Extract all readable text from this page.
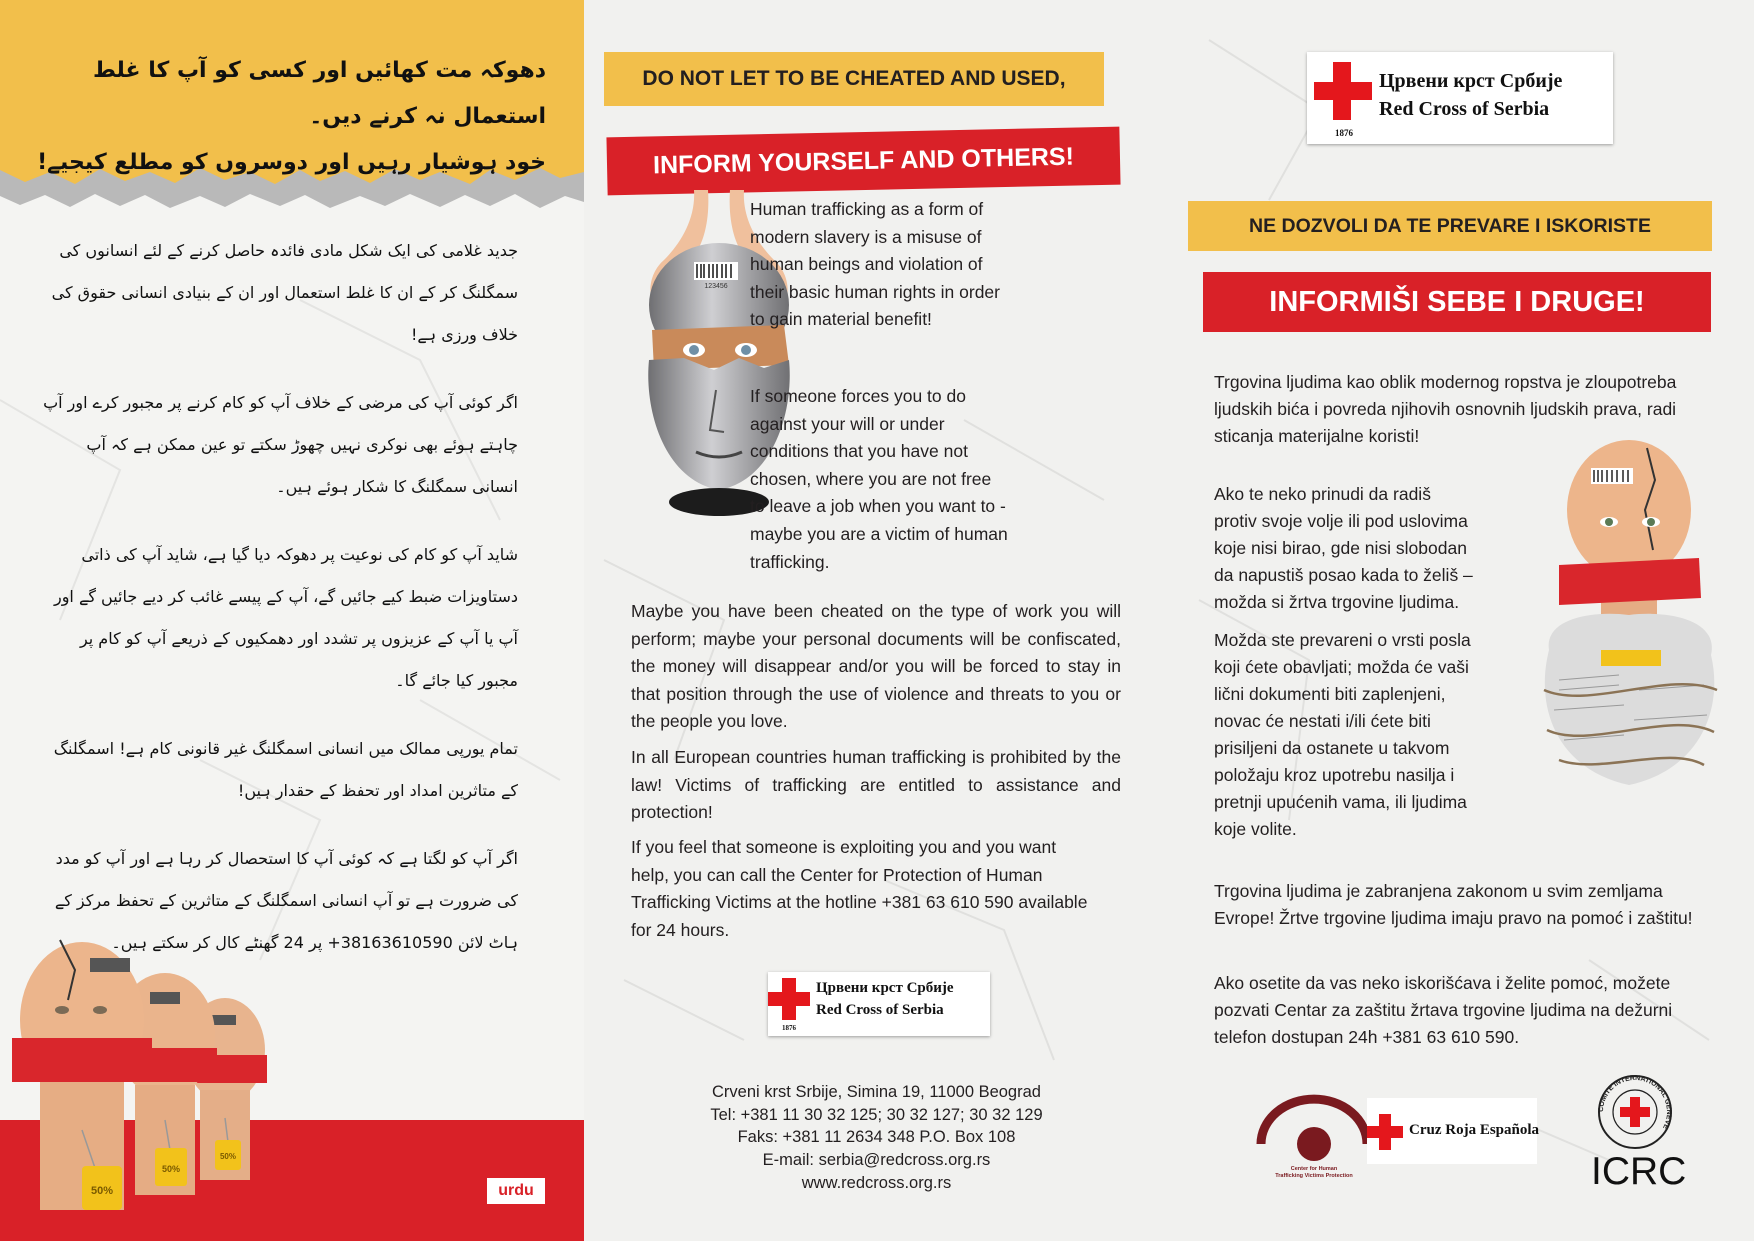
دھوکہ مت کھائیں اور کسی کو آپ کا غلط استعمال نہ کرنے دیں۔
خود ہوشیار رہیں اور دوسروں کو مطلع کیجیے!

جدید غلامی کی ایک شکل مادی فائدہ حاصل کرنے کے لئے انسانوں کی سمگلنگ کر کے ان کا غلط استعمال اور ان کے بنیادی انسانی حقوق کی خلاف ورزی ہے!

اگر کوئی آپ کی مرضی کے خلاف آپ کو کام کرنے پر مجبور کرے اور آپ چاہتے ہوئے بھی نوکری نہیں چھوڑ سکتے تو عین ممکن ہے کہ آپ انسانی سمگلنگ کا شکار ہوئے ہیں۔

شاید آپ کو کام کی نوعیت پر دھوکہ دیا گیا ہے، شاید آپ کی ذاتی دستاویزات ضبط کیے جائیں گے، آپ کے پیسے غائب کر دیے جائیں گے اور آپ یا آپ کے عزیزوں پر تشدد اور دھمکیوں کے ذریعے آپ کو کام پر مجبور کیا جائے گا۔

تمام یورپی ممالک میں انسانی اسمگلنگ غیر قانونی کام ہے! اسمگلنگ کے متاثرین امداد اور تحفظ کے حقدار ہیں!

اگر آپ کو لگتا ہے کہ کوئی آپ کا استحصال کر رہا ہے اور آپ کو مدد کی ضرورت ہے تو آپ انسانی اسمگلنگ کے متاثرین کے تحفظ مرکز کے ہاٹ لائن 38163610590+ پر 24 گھنٹے کال کر سکتے ہیں۔

50%
50%
50%
urdu
DO NOT LET TO BE CHEATED AND USED,
INFORM YOURSELF AND OTHERS!
123456

Human trafficking as a form of modern slavery is a misuse of human beings and violation of their basic human rights in order to gain material benefit!

If someone forces you to do against your will or under conditions that you have not chosen, where you are not free to leave a job when you want to - maybe you are a victim of human trafficking.

Maybe you have been cheated on the type of work you will perform; maybe your personal documents will be confiscated, the money will disappear and/or you will be forced to stay in that position through the use of violence and threats to you or the people you love.

In all European countries human trafficking is prohibited by the law! Victims of trafficking are entitled to assistance and protection!

If you feel that someone is exploiting you and you want help, you can call the Center for Protection of Human Trafficking Victims at the hotline +381 63 610 590 available for 24 hours.

Црвени крст Србије
Red Cross of Serbia
1876
Crveni krst Srbije, Simina 19, 11000 Beograd
Tel: +381 11 30 32 125; 30 32 127; 30 32 129
Faks: +381 11 2634 348 P.O. Box 108
E-mail: serbia@redcross.org.rs
www.redcross.org.rs
Црвени крст Србије
Red Cross of Serbia
1876
NE DOZVOLI DA TE PREVARE I ISKORISTE
INFORMIŠI SEBE I DRUGE!

Trgovina ljudima kao oblik modernog ropstva je zloupotreba ljudskih bića i povreda njihovih osnovnih ljudskih prava, radi sticanja materijalne koristi!

Ako te neko prinudi da radiš protiv svoje volje ili pod uslovima koje nisi birao, gde nisi slobodan da napustiš posao kada to želiš – možda si žrtva trgovine ljudima.

Možda ste prevareni o vrsti posla koji ćete obavljati; možda će vaši lični dokumenti biti zaplenjeni, novac će nestati i/ili ćete biti prisiljeni da ostanete u takvom položaju kroz upotrebu nasilja i pretnji upućenih vama, ili ljudima koje volite.

Trgovina ljudima je zabranjena zakonom u svim zemljama Evrope! Žrtve trgovine ljudima imaju pravo na pomoć i zaštitu!

Ako osetite da vas neko iskorišćava i želite pomoć, možete pozvati Centar za zaštitu žrtava trgovine ljudima na dežurni telefon dostupan 24h +381 63 610 590.

Center for Human
Trafficking Victims Protection
Cruz Roja Española
COMITE INTERNATIONAL GENEVE
ICRC
